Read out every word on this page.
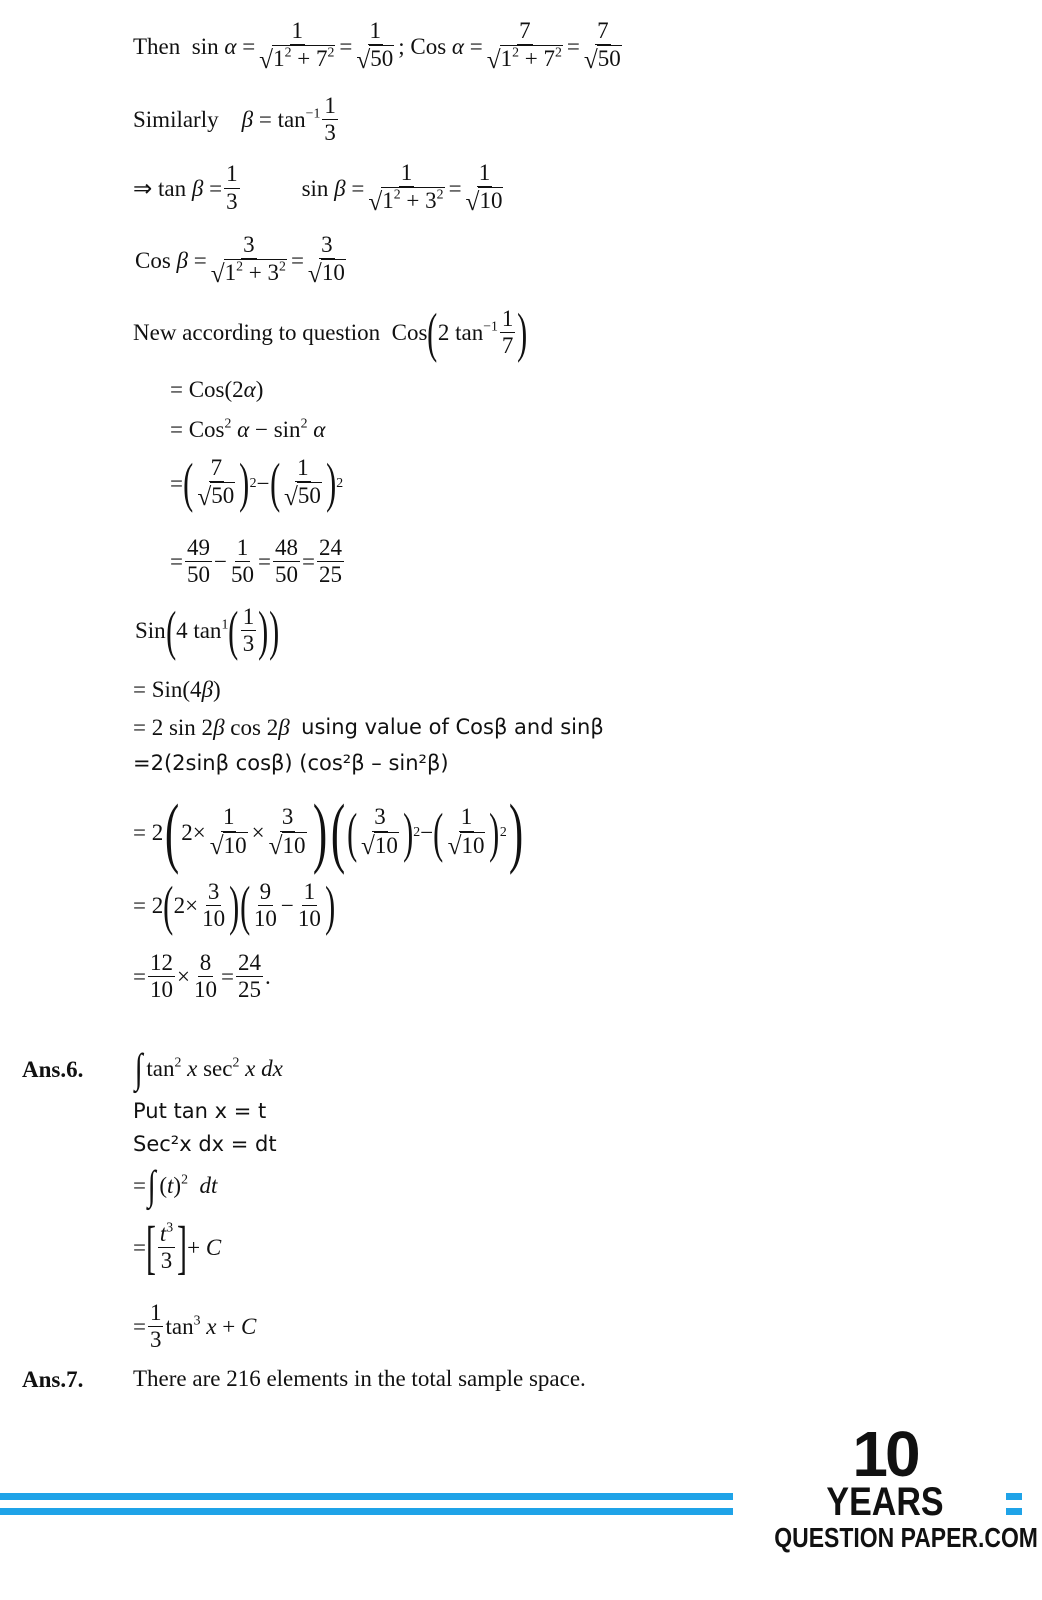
Then  $\sin \alpha = \frac{1}{√ 1^2 + 7^2} = \frac{1}{√ 50}$ ; Cos $\alpha = \frac{7}{√ 1^2 + 7^2} = \frac{7}{√ 50}$
Similarly    $\beta = \tan^{-1} \frac{1}{3}$
⇒ $\tan \beta = \frac{1}{3}$	$\sin \beta = \frac{1}{√ 1^2 + 3^2} = \frac{1}{√ 10}$
Cos $\beta = \frac{3}{√ 1^2 + 3^2} = \frac{3}{√ 10}$
New according to question  Cos ( 2 $\tan^{-1} \frac{1}{7}$ )
= Cos(2α)
= Cos$^2$ $\alpha - \sin^2 \alpha$
= ( $\frac{7}{√ 50}$ ) 2 − ( $\frac{1}{√ 50}$ ) 2
= $\frac{49}{50} - \frac{1}{50} = \frac{48}{50} = \frac{24}{25}$
Sin ( 4 $\tan^1$ ( $\frac{1}{3}$ ) )
= Sin(4β)
= 2 sin 2β cos 2β using value of Cosβ and sinβ
=2(2sinβ cosβ) (cos²β – sin²β)
= 2 ( $2\times \frac{1}{√ 10} \times \frac{3}{√ 10}$ ) ( ( $\frac{3}{√ 10}$ ) 2 − ( $\frac{1}{√ 10}$ ) 2 )
= 2 ( $2\times \frac{3}{10}$ ) ( $\frac{9}{10} - \frac{1}{10}$ )
= $\frac{12}{10} \times \frac{8}{10} = \frac{24}{25}$ .
Ans.6. ∫ $\tan^2 x$ $\sec^2 x$ dx
Put tan x = t
Sec²x dx = dt
= ∫ $(t)^2$ dt
= [ $\frac{t^3}{3}$ ] + C
= $\frac{1}{3} \tan^3 x + C$
Ans.7. There are 216 elements in the total sample space.
10
YEARS
QUESTION PAPER.COM
